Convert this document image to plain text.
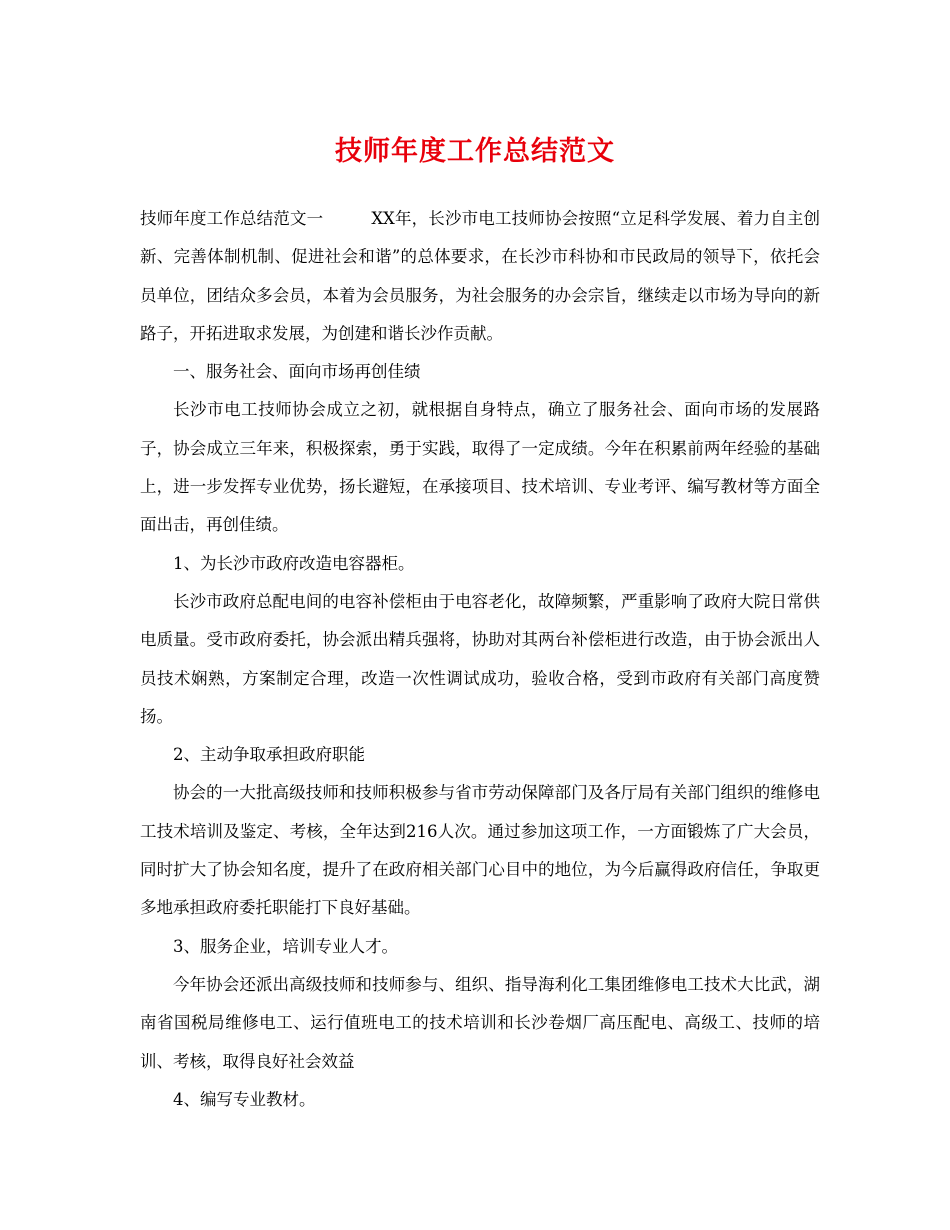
技师年度工作总结范文

技师年度工作总结范文一	XX年，长沙市电工技师协会按照“立足科学发展、着力自主创新、完善体制机制、促进社会和谐”的总体要求，在长沙市科协和市民政局的领导下，依托会员单位，团结众多会员，本着为会员服务，为社会服务的办会宗旨，继续走以市场为导向的新路子，开拓进取求发展，为创建和谐长沙作贡献。

一、服务社会、面向市场再创佳绩

长沙市电工技师协会成立之初，就根据自身特点，确立了服务社会、面向市场的发展路子，协会成立三年来，积极探索，勇于实践，取得了一定成绩。今年在积累前两年经验的基础上，进一步发挥专业优势，扬长避短，在承接项目、技术培训、专业考评、编写教材等方面全面出击，再创佳绩。

1、为长沙市政府改造电容器柜。

长沙市政府总配电间的电容补偿柜由于电容老化，故障频繁，严重影响了政府大院日常供电质量。受市政府委托，协会派出精兵强将，协助对其两台补偿柜进行改造，由于协会派出人员技术娴熟，方案制定合理，改造一次性调试成功，验收合格，受到市政府有关部门高度赞扬。

2、主动争取承担政府职能

协会的一大批高级技师和技师积极参与省市劳动保障部门及各厅局有关部门组织的维修电工技术培训及鉴定、考核，全年达到216人次。通过参加这项工作，一方面锻炼了广大会员，同时扩大了协会知名度，提升了在政府相关部门心目中的地位，为今后赢得政府信任，争取更多地承担政府委托职能打下良好基础。

3、服务企业，培训专业人才。

今年协会还派出高级技师和技师参与、组织、指导海利化工集团维修电工技术大比武，湖南省国税局维修电工、运行值班电工的技术培训和长沙卷烟厂高压配电、高级工、技师的培训、考核，取得良好社会效益

4、编写专业教材。
